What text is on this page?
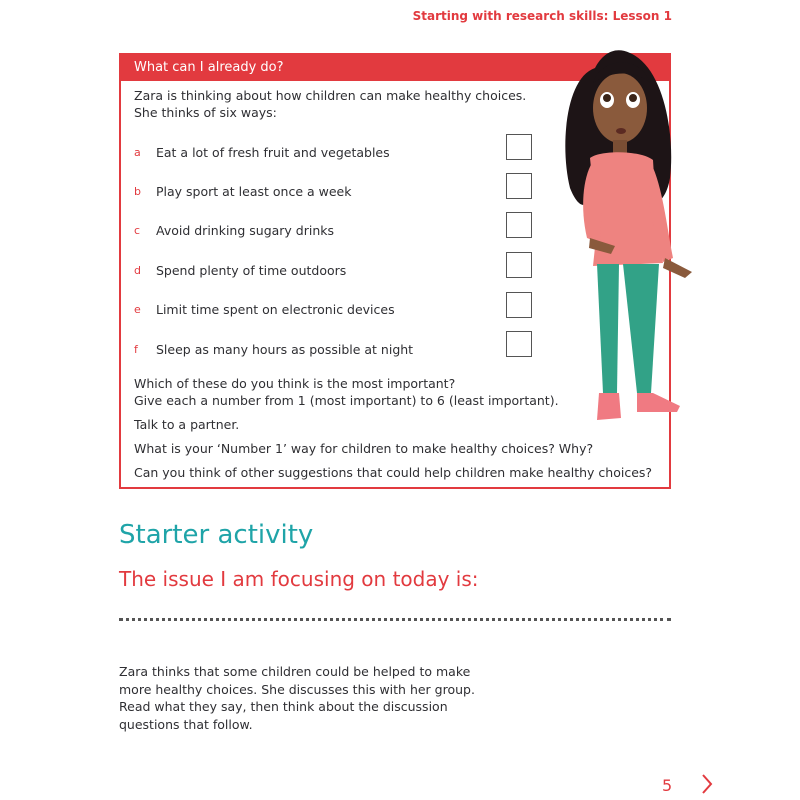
Starting with research skills: Lesson 1
What can I already do?
Zara is thinking about how children can make healthy choices.
She thinks of six ways:
a Eat a lot of fresh fruit and vegetables
b Play sport at least once a week
c Avoid drinking sugary drinks
d Spend plenty of time outdoors
e Limit time spent on electronic devices
f Sleep as many hours as possible at night
Which of these do you think is the most important?
Give each a number from 1 (most important) to 6 (least important).
Talk to a partner.
What is your ‘Number 1’ way for children to make healthy choices? Why?
Can you think of other suggestions that could help children make healthy choices?
Starter activity
The issue I am focusing on today is:
Zara thinks that some children could be helped to make
more healthy choices. She discusses this with her group.
Read what they say, then think about the discussion
questions that follow.
5
